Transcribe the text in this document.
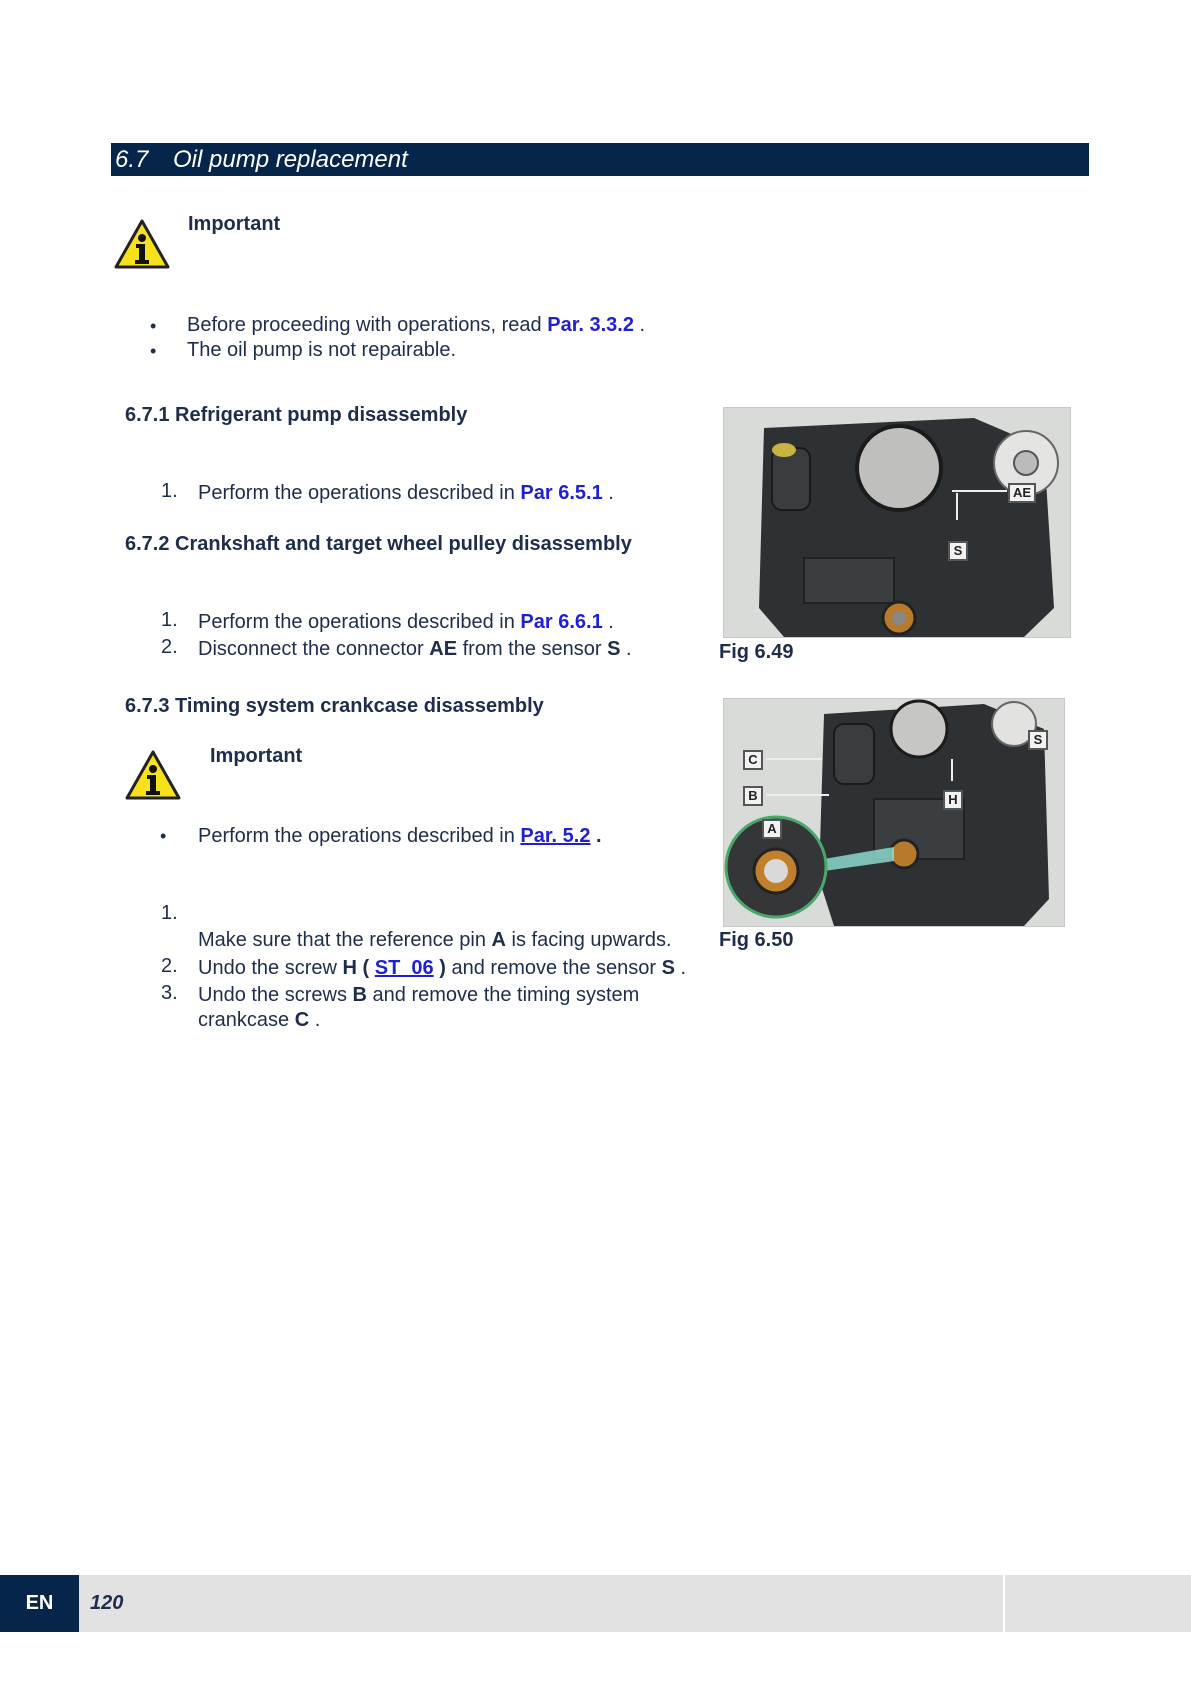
6.7 Oil pump replacement
Important
• Before proceeding with operations, read Par. 3.3.2 .
• The oil pump is not repairable.
6.7.1 Refrigerant pump disassembly
1. Perform the operations described in Par 6.5.1 .
6.7.2 Crankshaft and target wheel pulley disassembly
1. Perform the operations described in Par 6.6.1 .
2. Disconnect the connector AE from the sensor S .
6.7.3 Timing system crankcase disassembly
Important
• Perform the operations described in Par. 5.2 .
1.
Make sure that the reference pin A is facing upwards.
2. Undo the screw H ( ST_06 ) and remove the sensor S .
3. Undo the screws B and remove the timing system
crankcase C .
AE
S
Fig 6.49
C
B
A
H
S
Fig 6.50
EN	120
